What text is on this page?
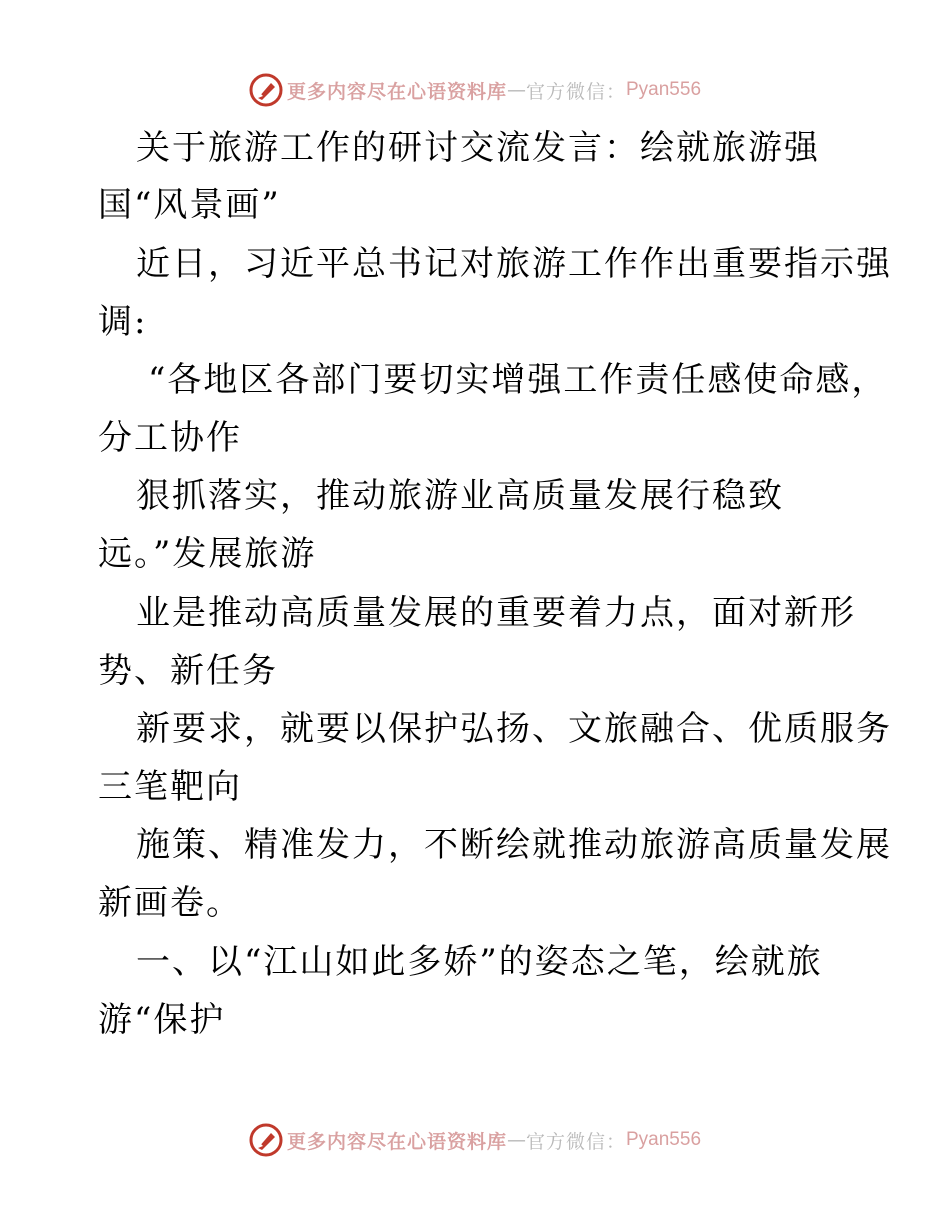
更多内容尽在心语资料库 — 官方微信： Pyan556
关于旅游工作的研讨交流发言：绘就旅游强
国“风景画”
近日，习近平总书记对旅游工作作出重要指示强
调:
“各地区各部门要切实增强工作责任感使命感，
分工协作
狠抓落实，推动旅游业高质量发展行稳致
远。”发展旅游
业是推动高质量发展的重要着力点，面对新形
势、新任务
新要求，就要以保护弘扬、文旅融合、优质服务
三笔靶向
施策、精准发力，不断绘就推动旅游高质量发展
新画卷。
一、以“江山如此多娇”的姿态之笔，绘就旅
游“保护
更多内容尽在心语资料库 — 官方微信： Pyan556
